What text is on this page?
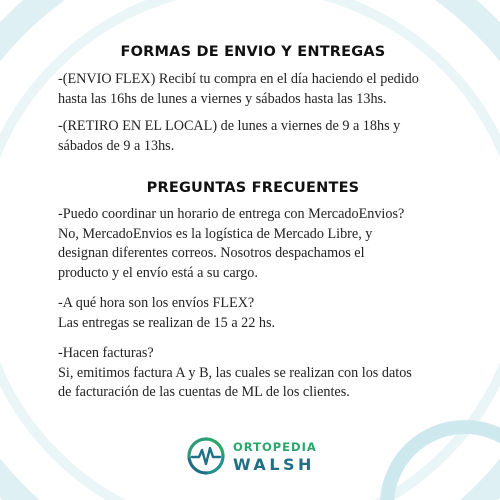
FORMAS DE ENVIO Y ENTREGAS

-(ENVIO FLEX) Recibí tu compra en el día haciendo el pedido
hasta las 16hs de lunes a viernes y sábados hasta las 13hs.

-(RETIRO EN EL LOCAL) de lunes a viernes de 9 a 18hs y
sábados de 9 a 13hs.

PREGUNTAS FRECUENTES

-Puedo coordinar un horario de entrega con MercadoEnvios?
No, MercadoEnvios es la logística de Mercado Libre, y
designan diferentes correos. Nosotros despachamos el
producto y el envío está a su cargo.

-A qué hora son los envíos FLEX?
Las entregas se realizan de 15 a 22 hs.

-Hacen facturas?
Si, emitimos factura A y B, las cuales se realizan con los datos
de facturación de las cuentas de ML de los clientes.

ORTOPEDIA
WALSH
